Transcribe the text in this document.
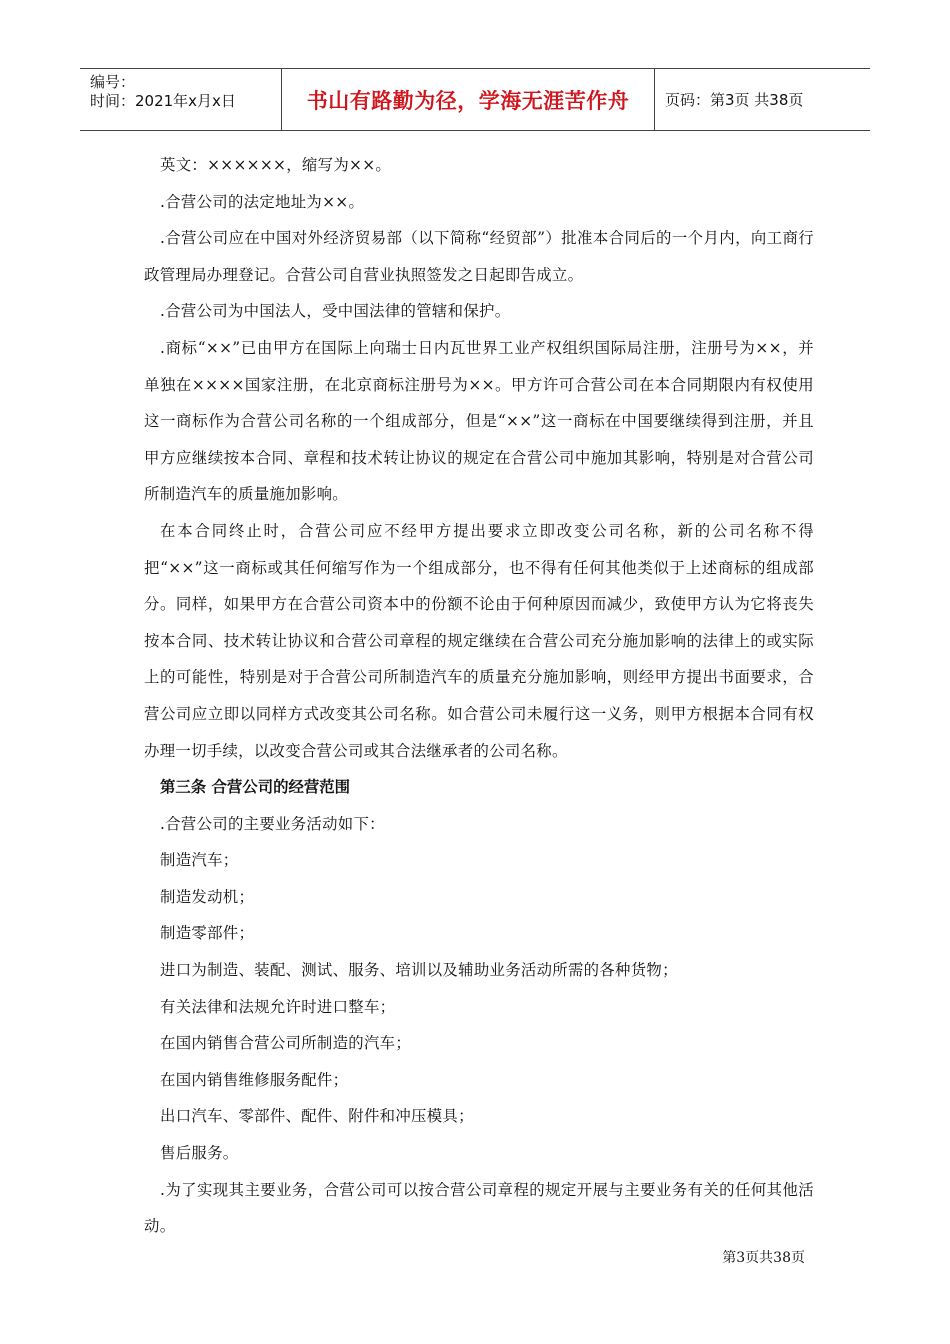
编号：
时间：2021年x月x日	书山有路勤为径，学海无涯苦作舟	页码：第3页 共38页

英文：××××××，缩写为××。

.合营公司的法定地址为××。

.合营公司应在中国对外经济贸易部（以下简称“经贸部”）批准本合同后的一个月内，向工商行政管理局办理登记。合营公司自营业执照签发之日起即告成立。

.合营公司为中国法人，受中国法律的管辖和保护。

.商标“××”已由甲方在国际上向瑞士日内瓦世界工业产权组织国际局注册，注册号为××，并单独在××××国家注册，在北京商标注册号为××。甲方许可合营公司在本合同期限内有权使用这一商标作为合营公司名称的一个组成部分，但是“××”这一商标在中国要继续得到注册，并且甲方应继续按本合同、章程和技术转让协议的规定在合营公司中施加其影响，特别是对合营公司所制造汽车的质量施加影响。

在本合同终止时，合营公司应不经甲方提出要求立即改变公司名称，新的公司名称不得把“××”这一商标或其任何缩写作为一个组成部分，也不得有任何其他类似于上述商标的组成部分。同样，如果甲方在合营公司资本中的份额不论由于何种原因而减少，致使甲方认为它将丧失按本合同、技术转让协议和合营公司章程的规定继续在合营公司充分施加影响的法律上的或实际上的可能性，特别是对于合营公司所制造汽车的质量充分施加影响，则经甲方提出书面要求，合营公司应立即以同样方式改变其公司名称。如合营公司未履行这一义务，则甲方根据本合同有权办理一切手续，以改变合营公司或其合法继承者的公司名称。

第三条 合营公司的经营范围

.合营公司的主要业务活动如下：

制造汽车；

制造发动机；

制造零部件；

进口为制造、装配、测试、服务、培训以及辅助业务活动所需的各种货物；

有关法律和法规允许时进口整车；

在国内销售合营公司所制造的汽车；

在国内销售维修服务配件；

出口汽车、零部件、配件、附件和冲压模具；

售后服务。

.为了实现其主要业务，合营公司可以按合营公司章程的规定开展与主要业务有关的任何其他活动。

第3页共38页
